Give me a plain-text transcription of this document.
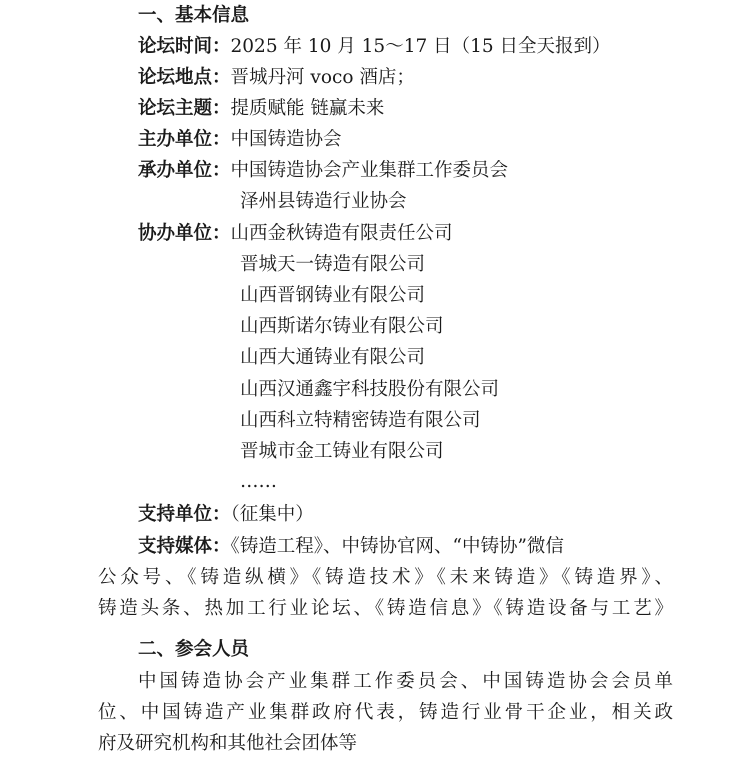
一、基本信息
论坛时间：2025 年 10 月 15～17 日（15 日全天报到）
论坛地点：晋城丹河 voco 酒店；
论坛主题：提质赋能 链赢未来
主办单位：中国铸造协会
承办单位：中国铸造协会产业集群工作委员会
泽州县铸造行业协会
协办单位：山西金秋铸造有限责任公司
晋城天一铸造有限公司
山西晋钢铸业有限公司
山西斯诺尔铸业有限公司
山西大通铸业有限公司
山西汉通鑫宇科技股份有限公司
山西科立特精密铸造有限公司
晋城市金工铸业有限公司
……
支持单位：（征集中）
支持媒体：《铸造工程》、中铸协官网、“中铸协”微信
公众号、《铸造纵横》《铸造技术》《未来铸造》《铸造界》、
铸造头条、热加工行业论坛、《铸造信息》《铸造设备与工艺》
二、参会人员
中国铸造协会产业集群工作委员会、中国铸造协会会员单
位、中国铸造产业集群政府代表，铸造行业骨干企业，相关政
府及研究机构和其他社会团体等
